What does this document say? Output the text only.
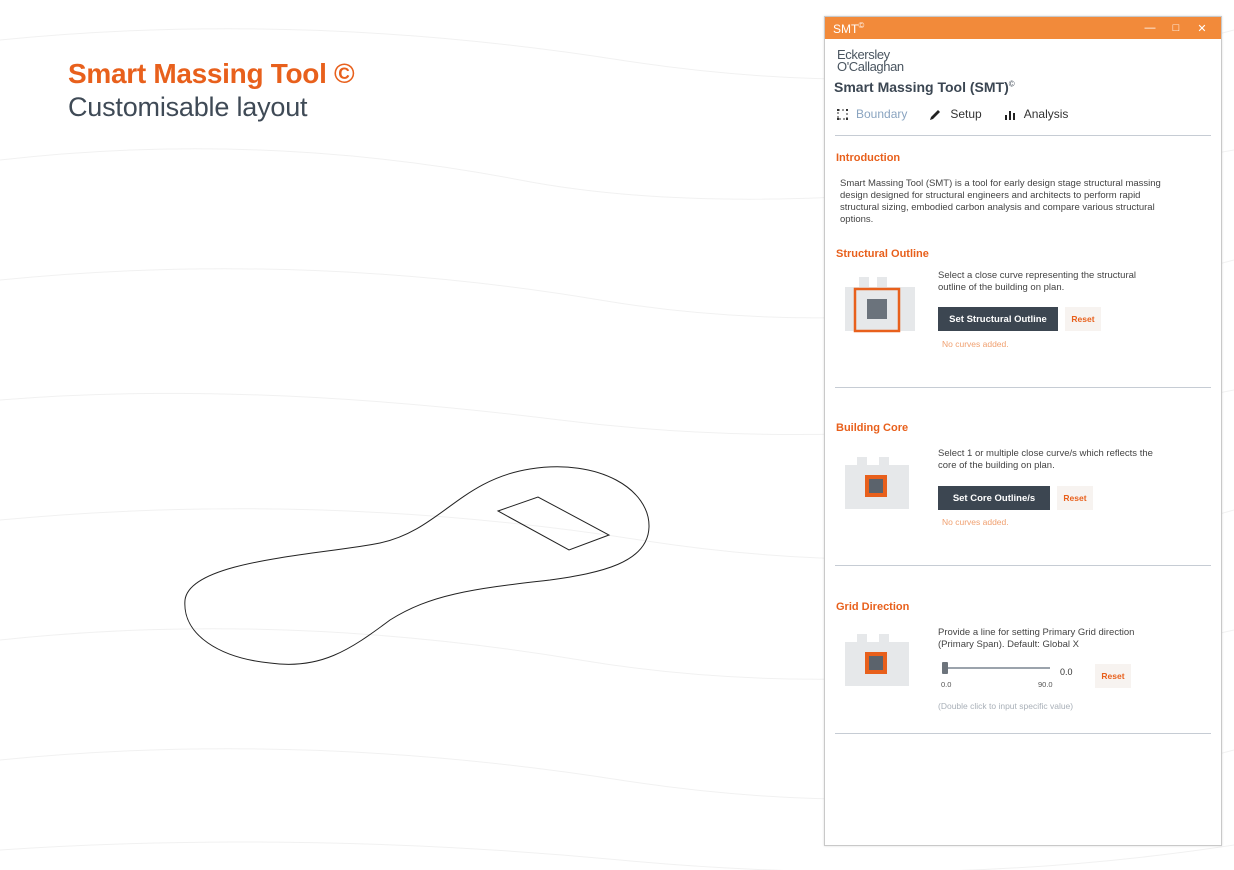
Smart Massing Tool ©
Customisable layout
SMT©	—	□	✕
Eckersley
O'Callaghan
Smart Massing Tool (SMT)©
Boundary	Setup	Analysis
Introduction
Smart Massing Tool (SMT) is a tool for early design stage structural massing design designed for structural engineers and architects to perform rapid structural sizing, embodied carbon analysis and compare various structural options.
Structural Outline
Select a close curve representing the structural outline of the building on plan.
Set Structural Outline	Reset
No curves added.
Building Core
Select 1 or multiple close curve/s which reflects the core of the building on plan.
Set Core Outline/s	Reset
No curves added.
Grid Direction
Provide a line for setting Primary Grid direction (Primary Span). Default: Global X
0.0
0.0	90.0
Reset
(Double click to input specific value)
